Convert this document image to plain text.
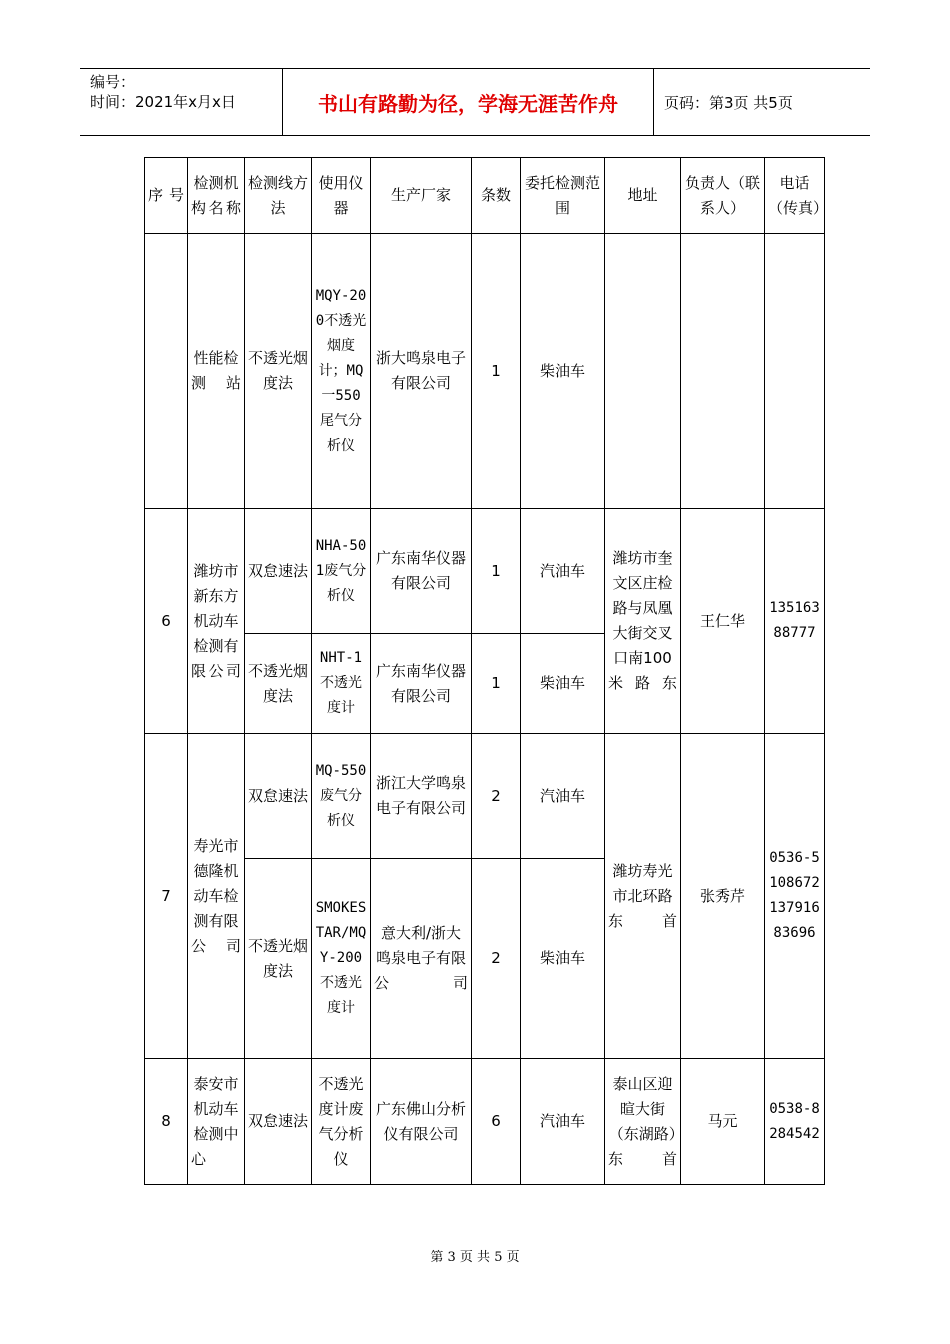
编号：
时间：2021年x月x日	书山有路勤为径，学海无涯苦作舟	页码：第3页 共5页
序号	检测机构名称	检测线方法	使用仪器	生产厂家	条数	委托检测范围	地址	负责人（联系人）	电话（传真）
	性能检测站	不透光烟度法	MQY-200不透光烟度计；MQ一550尾气分析仪	浙大鸣泉电子有限公司	1	柴油车			
6	潍坊市新东方机动车检测有限公司	双怠速法	NHA-501废气分析仪	广东南华仪器有限公司	1	汽油车	潍坊市奎文区庄检路与凤凰大街交叉口南100米路东	王仁华	13516388777
		不透光烟度法	NHT-1不透光度计	广东南华仪器有限公司	1	柴油车			
7	寿光市德隆机动车检测有限公司	双怠速法	MQ-550废气分析仪	浙江大学鸣泉电子有限公司	2	汽油车	潍坊寿光市北环路东首	张秀芹	0536-5108672 13791683696
		不透光烟度法	SMOKESTAR/MQY-200不透光度计	意大利/浙大鸣泉电子有限公司	2	柴油车			
8	泰安市机动车检测中心	双怠速法	不透光度计废气分析仪	广东佛山分析仪有限公司	6	汽油车	泰山区迎暄大街（东湖路）东首	马元	0538-8284542
第 3 页 共 5 页
